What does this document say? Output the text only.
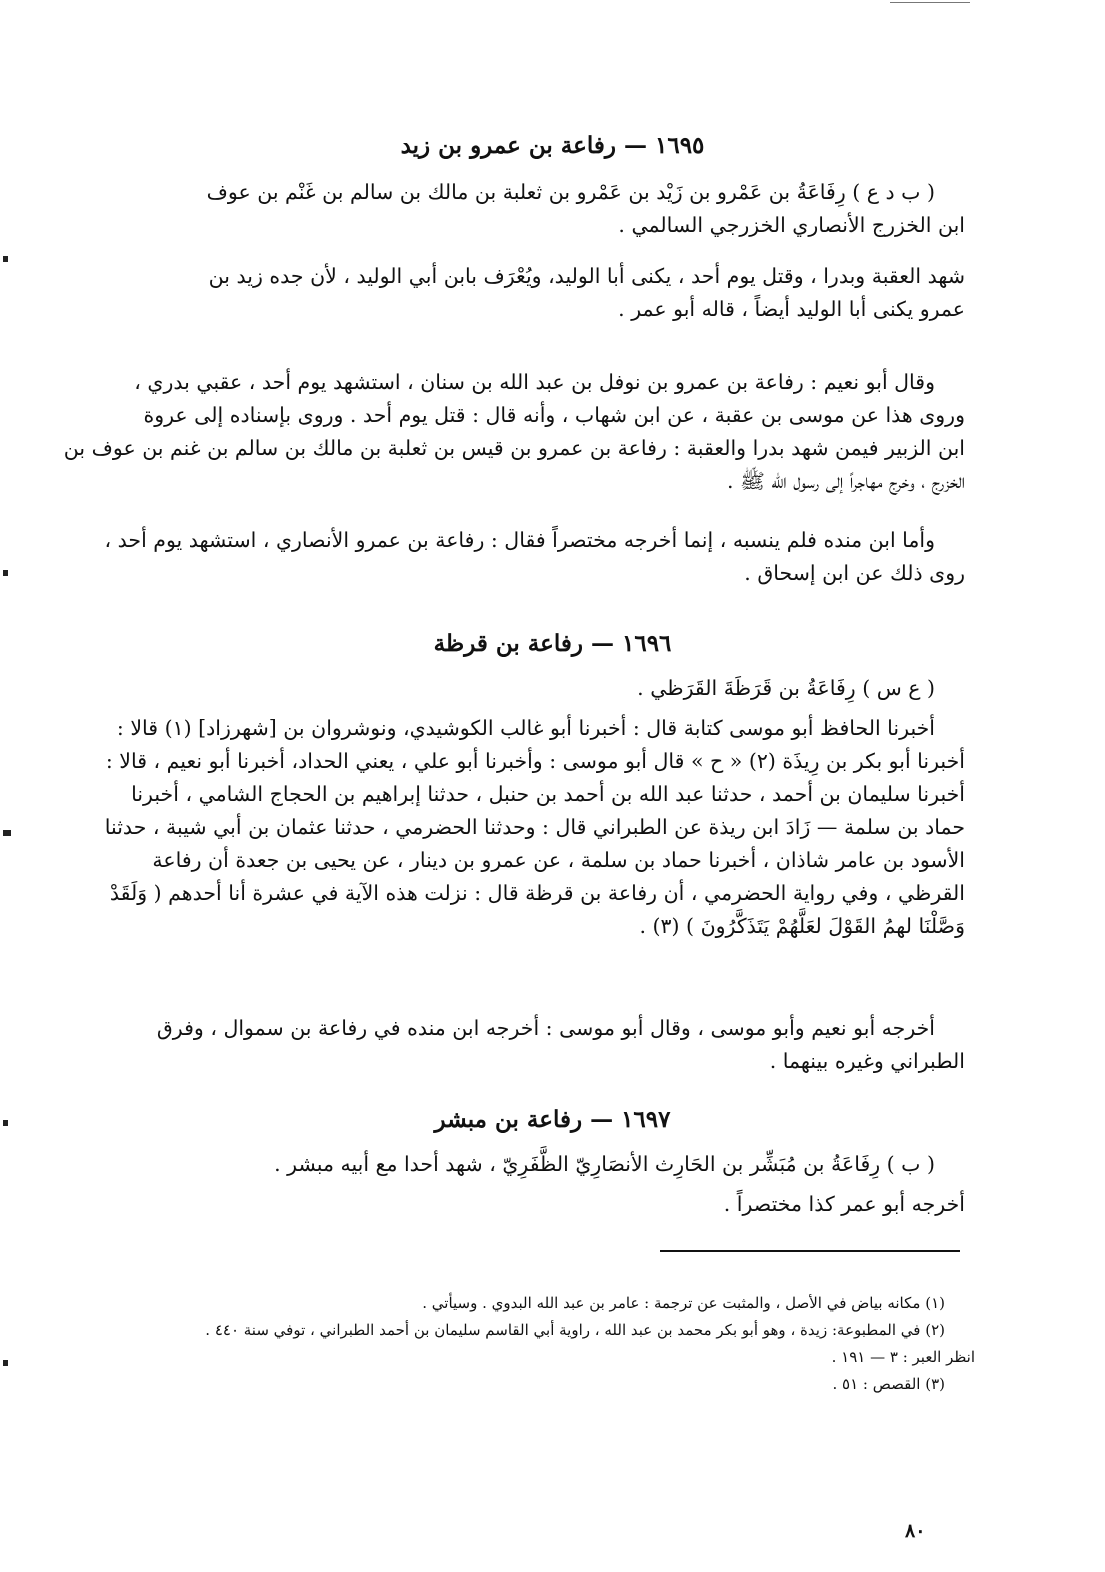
١٦٩٥ — رفاعة بن عمرو بن زيد
( ب د ع ) رِفَاعَةُ بن عَمْرو بن زَيْد بن عَمْرو بن ثعلبة بن مالك بن سالم بن غَنْم بن عوف
ابن الخزرج الأنصاري الخزرجي السالمي .
شهد العقبة وبدرا ، وقتل يوم أحد ، يكنى أبا الوليد، ويُعْرَف بابن أبي الوليد ، لأن جده زيد بن
عمرو يكنى أبا الوليد أيضاً ، قاله أبو عمر .
وقال أبو نعيم : رفاعة بن عمرو بن نوفل بن عبد الله بن سنان ، استشهد يوم أحد ، عقبي بدري ،
وروى هذا عن موسى بن عقبة ، عن ابن شهاب ، وأنه قال : قتل يوم أحد . وروى بإسناده إلى عروة
ابن الزبير فيمن شهد بدرا والعقبة : رفاعة بن عمرو بن قيس بن ثعلبة بن مالك بن سالم بن غنم بن عوف بن
الخزرج ، وخرج مهاجراً إلى رسول الله ﷺ .
وأما ابن منده فلم ينسبه ، إنما أخرجه مختصراً فقال : رفاعة بن عمرو الأنصاري ، استشهد يوم أحد ،
روى ذلك عن ابن إسحاق .
١٦٩٦ — رفاعة بن قرظة
( ع س ) رِفَاعَةُ بن قَرَظَةَ القَرَظي .
أخبرنا الحافظ أبو موسى كتابة قال : أخبرنا أبو غالب الكوشيدي، ونوشروان بن [شهرزاد] (١) قالا :
أخبرنا أبو بكر بن رِيذَة (٢) « ح » قال أبو موسى : وأخبرنا أبو علي ، يعني الحداد، أخبرنا أبو نعيم ، قالا :
أخبرنا سليمان بن أحمد ، حدثنا عبد الله بن أحمد بن حنبل ، حدثنا إبراهيم بن الحجاج الشامي ، أخبرنا
حماد بن سلمة — زَادَ ابن ريذة عن الطبراني قال : وحدثنا الحضرمي ، حدثنا عثمان بن أبي شيبة ، حدثنا
الأسود بن عامر شاذان ، أخبرنا حماد بن سلمة ، عن عمرو بن دينار ، عن يحيى بن جعدة أن رفاعة
القرظي ، وفي رواية الحضرمي ، أن رفاعة بن قرظة قال : نزلت هذه الآية في عشرة أنا أحدهم ( وَلَقَدْ
وَصَّلْنَا لهمُ القَوْلَ لعَلَّهُمْ يَتَذَكَّرُونَ ) (٣) .
أخرجه أبو نعيم وأبو موسى ، وقال أبو موسى : أخرجه ابن منده في رفاعة بن سموال ، وفرق
الطبراني وغيره بينهما .
١٦٩٧ — رفاعة بن مبشر
( ب ) رِفَاعَةُ بن مُبَشِّر بن الحَارِث الأنصَارِيّ الظَّفَرِيّ ، شهد أحدا مع أبيه مبشر .
أخرجه أبو عمر كذا مختصراً .
(١) مكانه بياض في الأصل ، والمثبت عن ترجمة : عامر بن عبد الله البدوي . وسيأتي .
(٢) في المطبوعة: زيدة ، وهو أبو بكر محمد بن عبد الله ، راوية أبي القاسم سليمان بن أحمد الطبراني ، توفي سنة ٤٤٠ .
انظر العبر : ٣ — ١٩١ .
(٣) القصص : ٥١ .
٨٠
